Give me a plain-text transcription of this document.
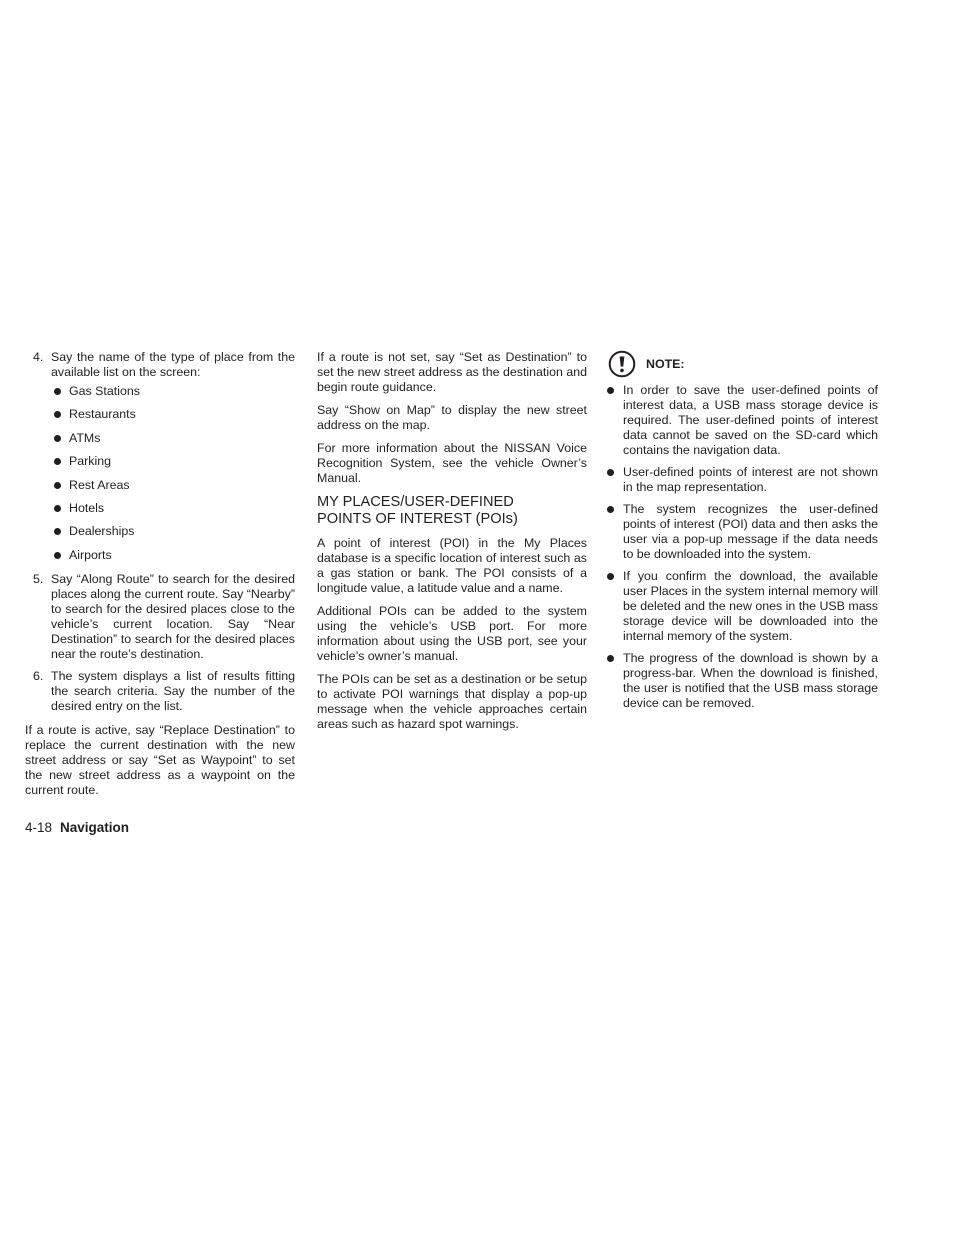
4. Say the name of the type of place from the available list on the screen:

Gas Stations
Restaurants
ATMs
Parking
Rest Areas
Hotels
Dealerships
Airports
5. Say “Along Route” to search for the desired places along the current route. Say “Nearby” to search for the desired places close to the vehicle’s current location. Say “Near Destination” to search for the desired places near the route’s destination.
6. The system displays a list of results fitting the search criteria. Say the number of the desired entry on the list.

If a route is active, say “Replace Destination” to replace the current destination with the new street address or say “Set as Waypoint” to set the new street address as a waypoint on the current route.

If a route is not set, say “Set as Destination” to set the new street address as the destination and begin route guidance.

Say “Show on Map” to display the new street address on the map.

For more information about the NISSAN Voice Recognition System, see the vehicle Owner’s Manual.

MY PLACES/USER-DEFINED
POINTS OF INTEREST (POIs)

A point of interest (POI) in the My Places database is a specific location of interest such as a gas station or bank. The POI consists of a longitude value, a latitude value and a name.

Additional POIs can be added to the system using the vehicle’s USB port. For more information about using the USB port, see your vehicle’s owner’s manual.

The POIs can be set as a destination or be setup to activate POI warnings that display a pop-up message when the vehicle approaches certain areas such as hazard spot warnings.

NOTE:
In order to save the user-defined points of interest data, a USB mass storage device is required. The user-defined points of interest data cannot be saved on the SD-card which contains the navigation data.
User-defined points of interest are not shown in the map representation.
The system recognizes the user-defined points of interest (POI) data and then asks the user via a pop-up message if the data needs to be downloaded into the system.
If you confirm the download, the available user Places in the system internal memory will be deleted and the new ones in the USB mass storage device will be downloaded into the internal memory of the system.
The progress of the download is shown by a progress-bar. When the download is finished, the user is notified that the USB mass storage device can be removed.
4-18 Navigation
